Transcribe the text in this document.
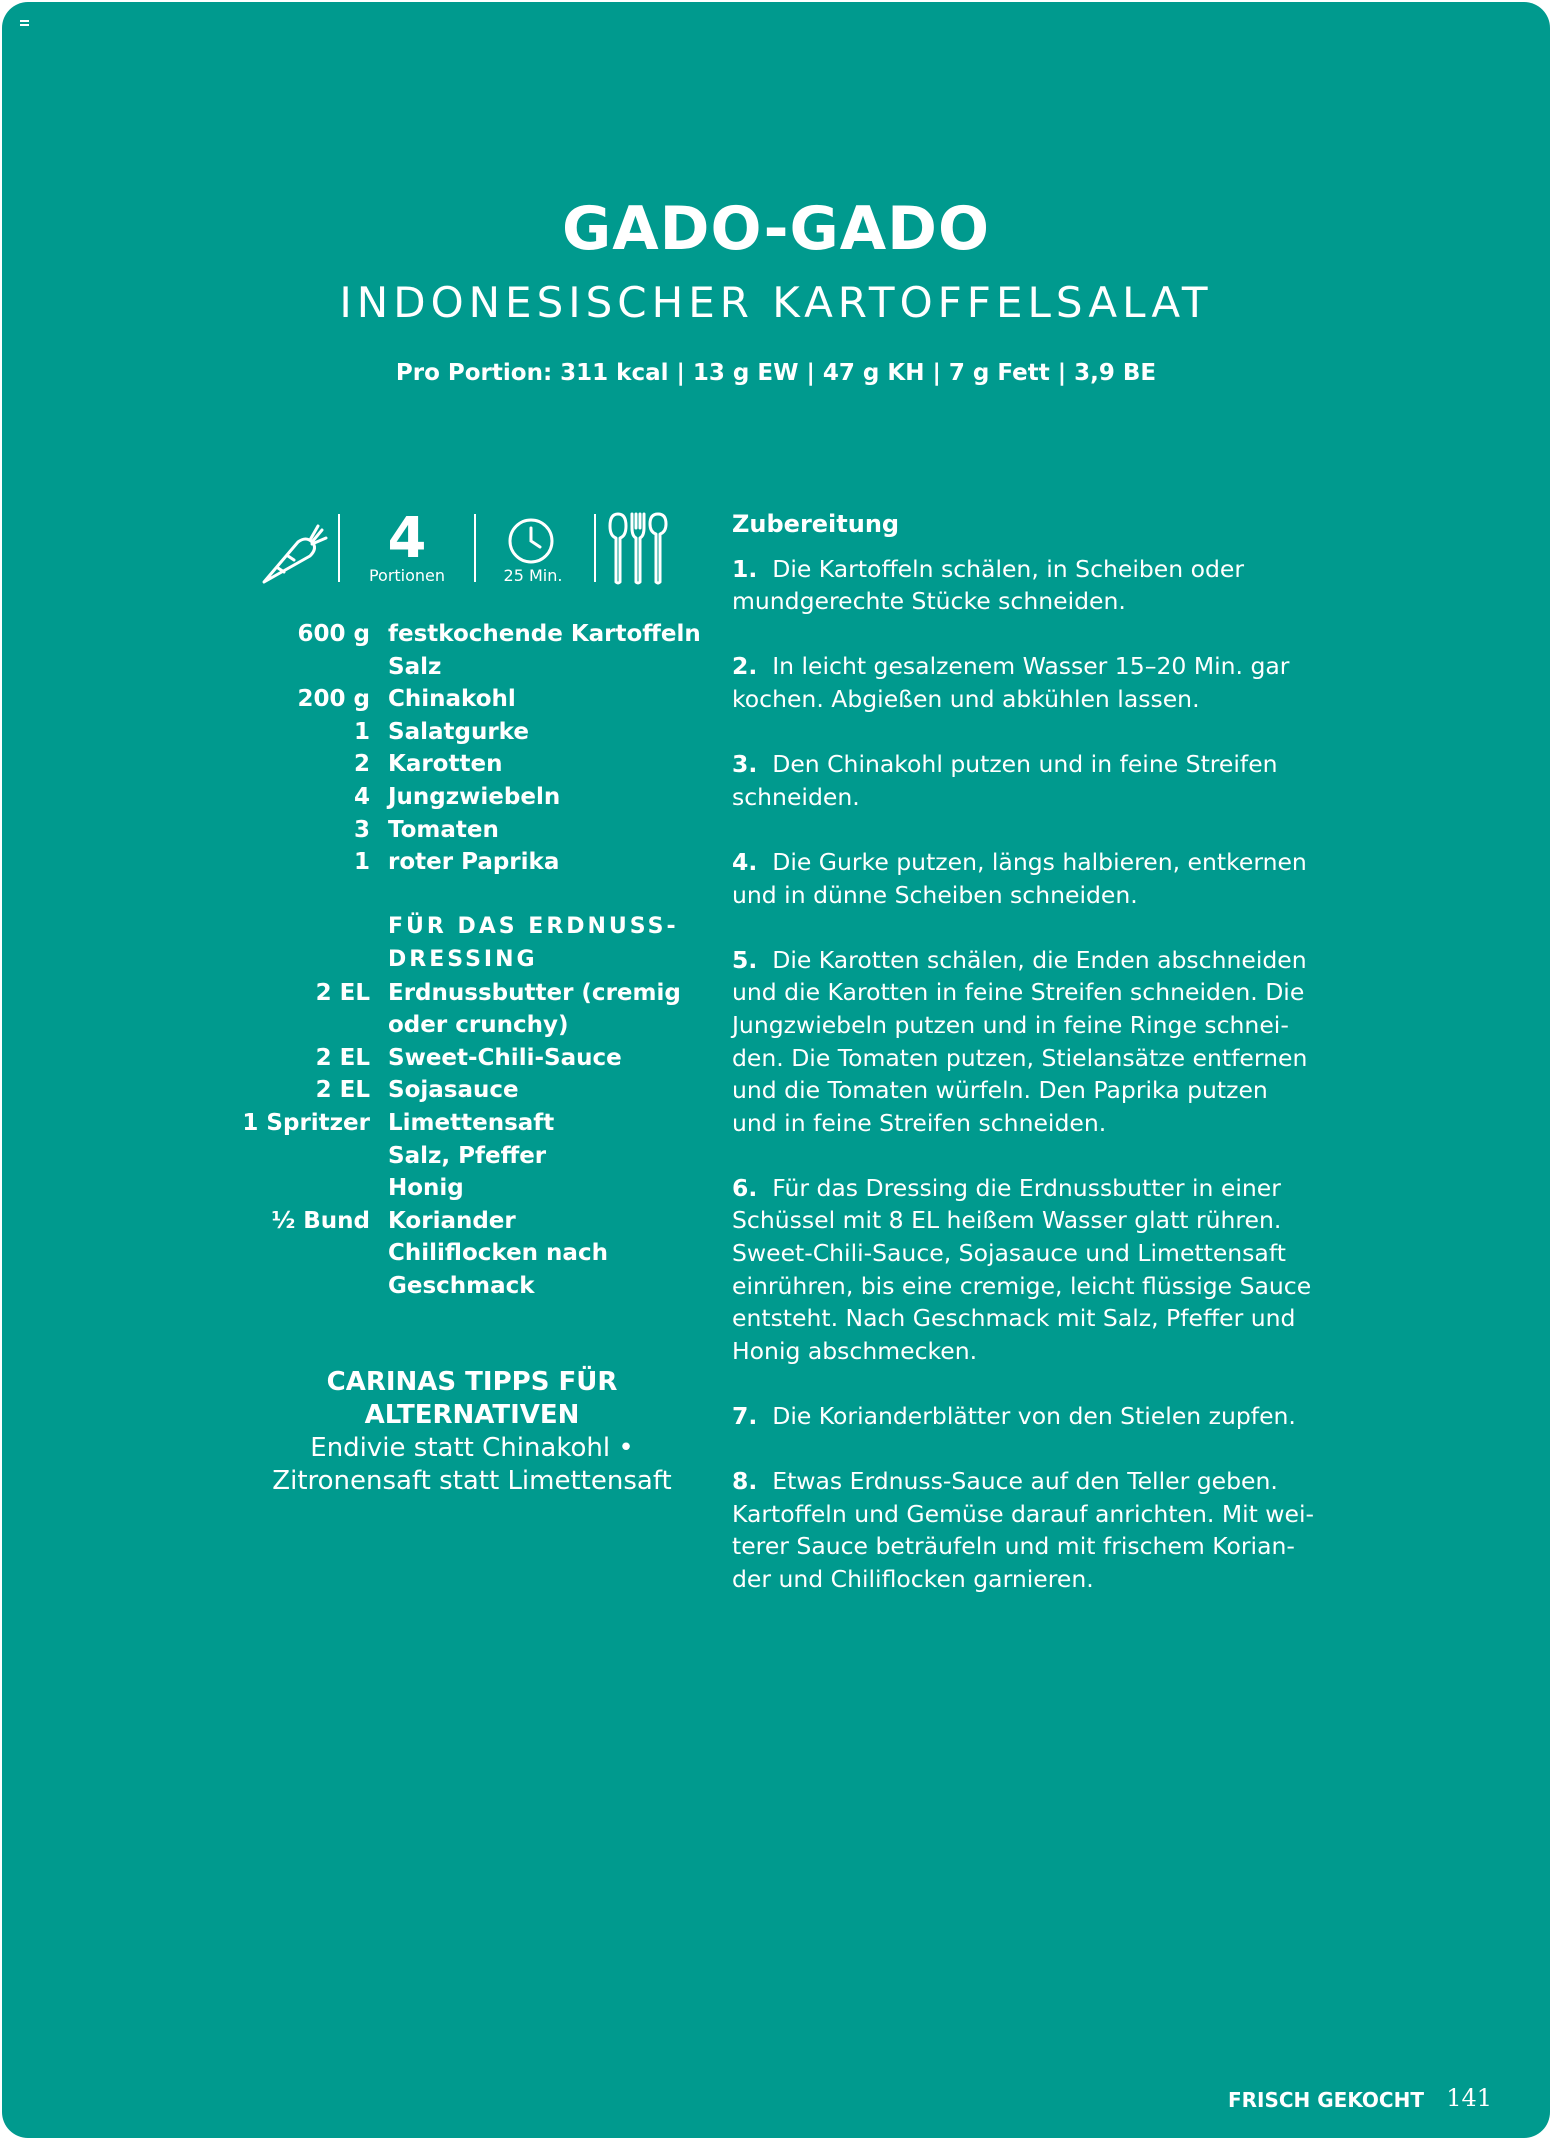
GADO-GADO
INDONESISCHER KARTOFFELSALAT

Pro Portion: 311 kcal | 13 g EW | 47 g KH | 7 g Fett | 3,9 BE

4
Portionen	25 Min.
600 g festkochende Kartoffeln
Salz
200 g Chinakohl
1 Salatgurke
2 Karotten
4 Jungzwiebeln
3 Tomaten
1 roter Paprika
FÜR DAS ERDNUSS-
DRESSING
2 EL Erdnussbutter (cremig
oder crunchy)
2 EL Sweet-Chili-Sauce
2 EL Sojasauce
1 Spritzer Limettensaft
Salz, Pfeffer
Honig
½ Bund Koriander
Chiliflocken nach
Geschmack

CARINAS TIPPS FÜR

ALTERNATIVEN

Endivie statt Chinakohl •

Zitronensaft statt Limettensaft

Zubereitung

1. Die Kartoffeln schälen, in Scheiben oder
mundgerechte Stücke schneiden.
2. In leicht gesalzenem Wasser 15–20 Min. gar
kochen. Abgießen und abkühlen lassen.
3. Den Chinakohl putzen und in feine Streifen
schneiden.
4. Die Gurke putzen, längs halbieren, entkernen
und in dünne Scheiben schneiden.
5. Die Karotten schälen, die Enden abschneiden
und die Karotten in feine Streifen schneiden. Die
Jungzwiebeln putzen und in feine Ringe schnei-
den. Die Tomaten putzen, Stielansätze entfernen
und die Tomaten würfeln. Den Paprika putzen
und in feine Streifen schneiden.
6. Für das Dressing die Erdnussbutter in einer
Schüssel mit 8 EL heißem Wasser glatt rühren.
Sweet-Chili-Sauce, Sojasauce und Limettensaft
einrühren, bis eine cremige, leicht flüssige Sauce
entsteht. Nach Geschmack mit Salz, Pfeffer und
Honig abschmecken.
7. Die Korianderblätter von den Stielen zupfen.
8. Etwas Erdnuss-Sauce auf den Teller geben.
Kartoffeln und Gemüse darauf anrichten. Mit wei-
terer Sauce beträufeln und mit frischem Korian-
der und Chiliflocken garnieren.
FRISCH GEKOCHT 141
